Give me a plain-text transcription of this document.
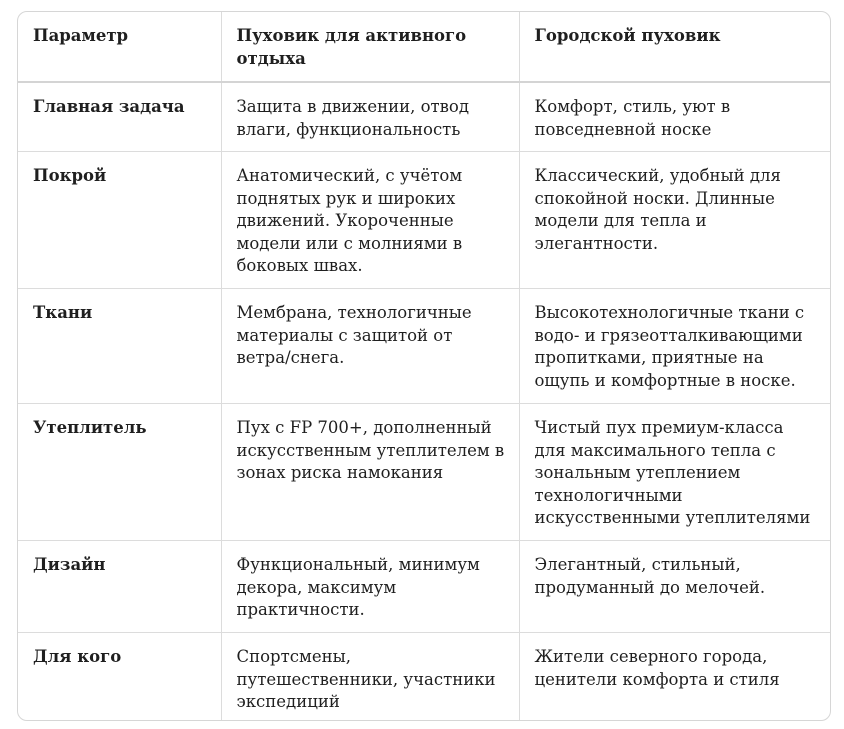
Параметр	Пуховик для активного отдыха	Городской пуховик
Главная задача	Защита в движении, отвод влаги, функциональность	Комфорт, стиль, уют в повседневной носке
Покрой	Анатомический, с учётом поднятых рук и широких движений. Укороченные модели или с молниями в боковых швах.	Классический, удобный для спокойной носки. Длинные модели для тепла и элегантности.
Ткани	Мембрана, технологичные материалы с защитой от ветра/снега.	Высокотехнологичные ткани с водо- и грязеотталкивающими пропитками, приятные на ощупь и комфортные в носке.
Утеплитель	Пух с FP 700+, дополненный искусственным утеплителем в зонах риска намокания	Чистый пух премиум-класса для максимального тепла с зональным утеплением технологичными искусственными утеплителями
Дизайн	Функциональный, минимум декора, максимум практичности.	Элегантный, стильный, продуманный до мелочей.
Для кого	Спортсмены, путешественники, участники экспедиций	Жители северного города, ценители комфорта и стиля
